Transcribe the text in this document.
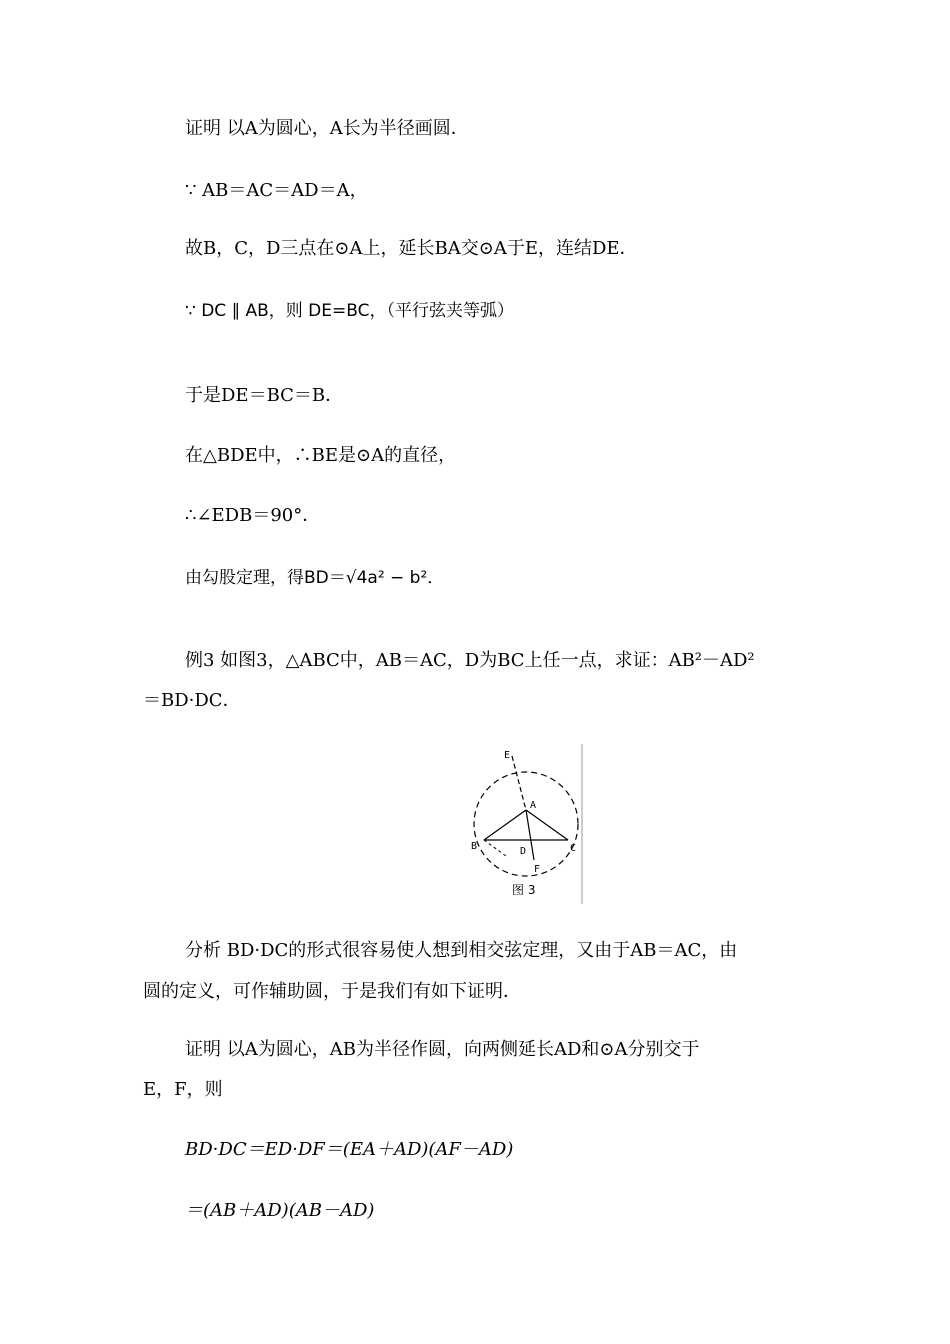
证明 以A为圆心，A长为半径画圆．
∵ AB＝AC＝AD＝A，
故B，C，D三点在⊙A上，延长BA交⊙A于E，连结DE．
∵ DC ∥ AB，则 DE=BC，（平行弦夹等弧）
于是DE＝BC＝B．
在△BDE中，∴BE是⊙A的直径，
∴∠EDB＝90°．
由勾股定理，得BD＝√4a² − b²．
例3 如图3，△ABC中，AB＝AC，D为BC上任一点，求证：AB²－AD²
＝BD·DC．
E
A
B	C
D
F
图 3
分析 BD·DC的形式很容易使人想到相交弦定理，又由于AB＝AC，由
圆的定义，可作辅助圆，于是我们有如下证明．
证明 以A为圆心，AB为半径作圆，向两侧延长AD和⊙A分别交于
E，F，则
BD·DC＝ED·DF＝(EA＋AD)(AF－AD)
＝(AB＋AD)(AB－AD)
